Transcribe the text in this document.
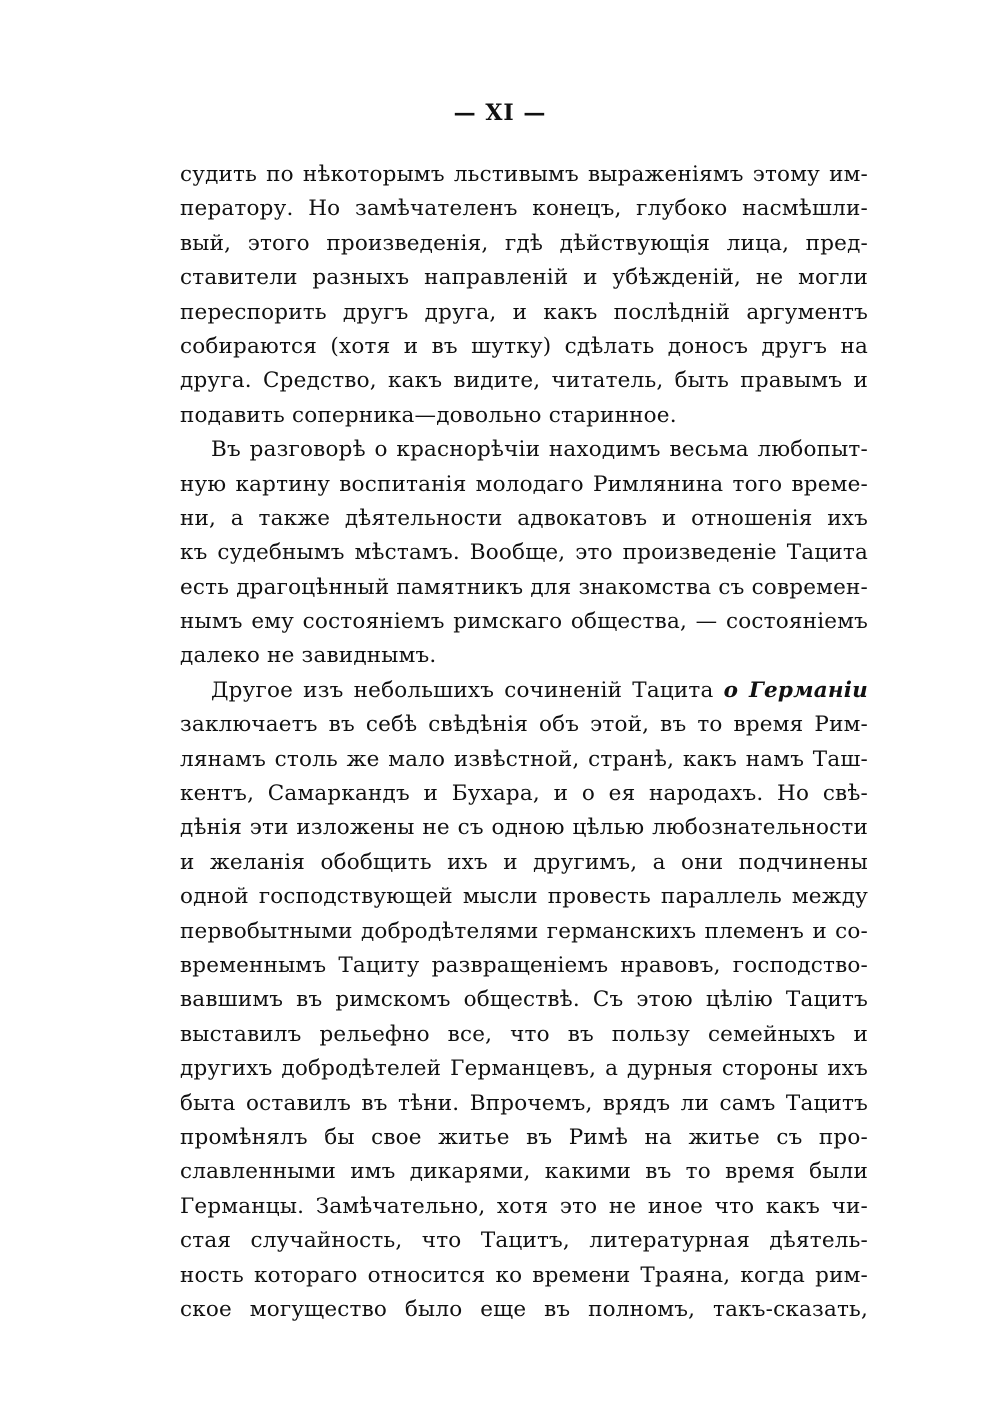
— XI —
судить по нѣкоторымъ льстивымъ выраженіямъ этому им-
ператору. Но замѣчателенъ конецъ, глубоко насмѣшли-
вый, этого произведенія, гдѣ дѣйствующія лица, пред-
ставители разныхъ направленій и убѣжденій, не могли
переспорить другъ друга, и какъ послѣдній аргументъ
собираются (хотя и въ шутку) сдѣлать доносъ другъ на
друга. Средство, какъ видите, читатель, быть правымъ и
подавить соперника—довольно старинное.
Въ разговорѣ о краснорѣчіи находимъ весьма любопыт-
ную картину воспитанія молодаго Римлянина того време-
ни, а также дѣятельности адвокатовъ и отношенія ихъ
къ судебнымъ мѣстамъ. Вообще, это произведеніе Тацита
есть драгоцѣнный памятникъ для знакомства съ современ-
нымъ ему состояніемъ римскаго общества, — состояніемъ
далеко не завиднымъ.
Другое изъ небольшихъ сочиненій Тацита о Германіи
заключаетъ въ себѣ свѣдѣнія объ этой, въ то время Рим-
лянамъ столь же мало извѣстной, странѣ, какъ намъ Таш-
кентъ, Самаркандъ и Бухара, и о ея народахъ. Но свѣ-
дѣнія эти изложены не съ одною цѣлью любознательности
и желанія обобщить ихъ и другимъ, а они подчинены
одной господствующей мысли провесть параллель между
первобытными добродѣтелями германскихъ племенъ и со-
временнымъ Тациту развращеніемъ нравовъ, господство-
вавшимъ въ римскомъ обществѣ. Съ этою цѣлію Тацитъ
выставилъ рельефно все, что въ пользу семейныхъ и
другихъ добродѣтелей Германцевъ, а дурныя стороны ихъ
быта оставилъ въ тѣни. Впрочемъ, врядъ ли самъ Тацитъ
промѣнялъ бы свое житье въ Римѣ на житье съ про-
славленными имъ дикарями, какими въ то время были
Германцы. Замѣчательно, хотя это не иное что какъ чи-
стая случайность, что Тацитъ, литературная дѣятель-
ность котораго относится ко времени Траяна, когда рим-
ское могущество было еще въ полномъ, такъ-сказать,
